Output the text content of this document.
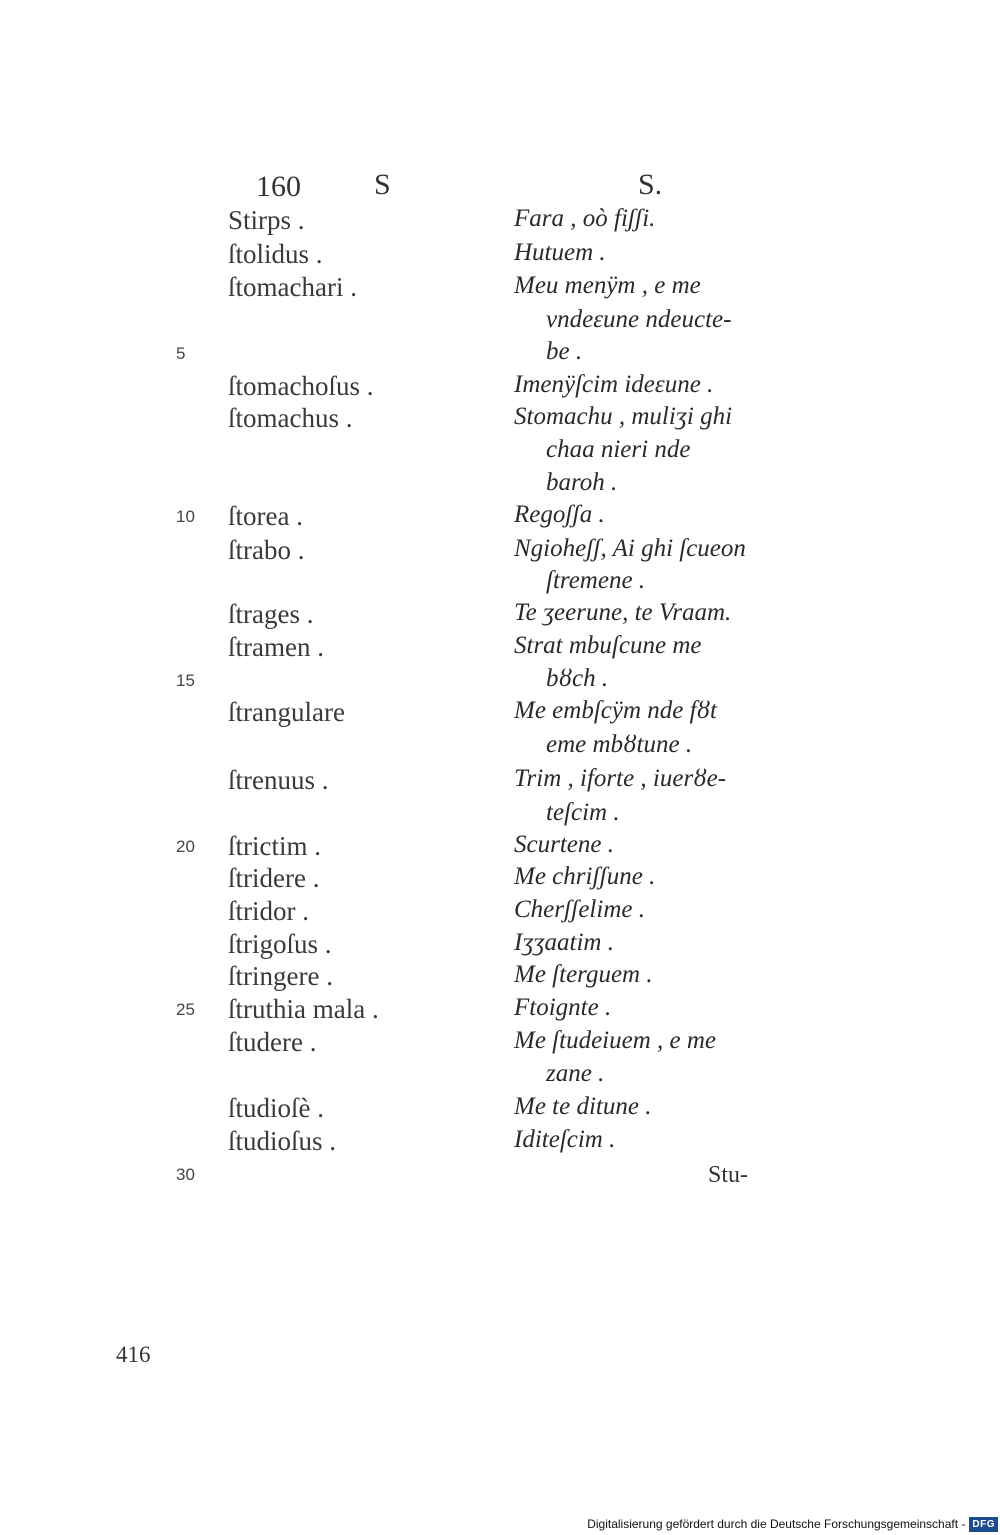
160 S	S.
Stirps .	Fara , oò fiʃʃi.
ſtolidus .	Hutuem .
ſtomachari .	Meu menÿm , e me
vndeɛune ndeucte-
5	be .
ſtomachoſus .	Imenÿſcim ideɛune .
ſtomachus .	Stomachu , muliʒi ghi
chaa nieri nde
baroh .
10 ſtorea .	Regoʃʃa .
ſtrabo .	Ngioheʃʃ, Ai ghi ſcueon
ſtremene .
ſtrages .	Te ʒeerune, te Vraam.
ſtramen .	Strat mbuſcune me
15	bȣch .
ſtrangulare	Me embſcÿm nde fȣt
eme mbȣtune .
ſtrenuus .	Trim , iforte , iuerȣe-
teſcim .
20 ſtrictim .	Scurtene .
ſtridere .	Me chriʃʃune .
ſtridor .	Cherʃʃelime .
ſtrigoſus .	Iʒʒaatim .
ſtringere .	Me ſterguem .
25 ſtruthia mala .	Ftoignte .
ſtudere .	Me ſtudeiuem , e me
zane .
ſtudioſè .	Me te ditune .
ſtudioſus .	Iditeſcim .
30	Stu-
416
Digitalisierung gefördert durch die Deutsche Forschungsgemeinschaft - DFG
